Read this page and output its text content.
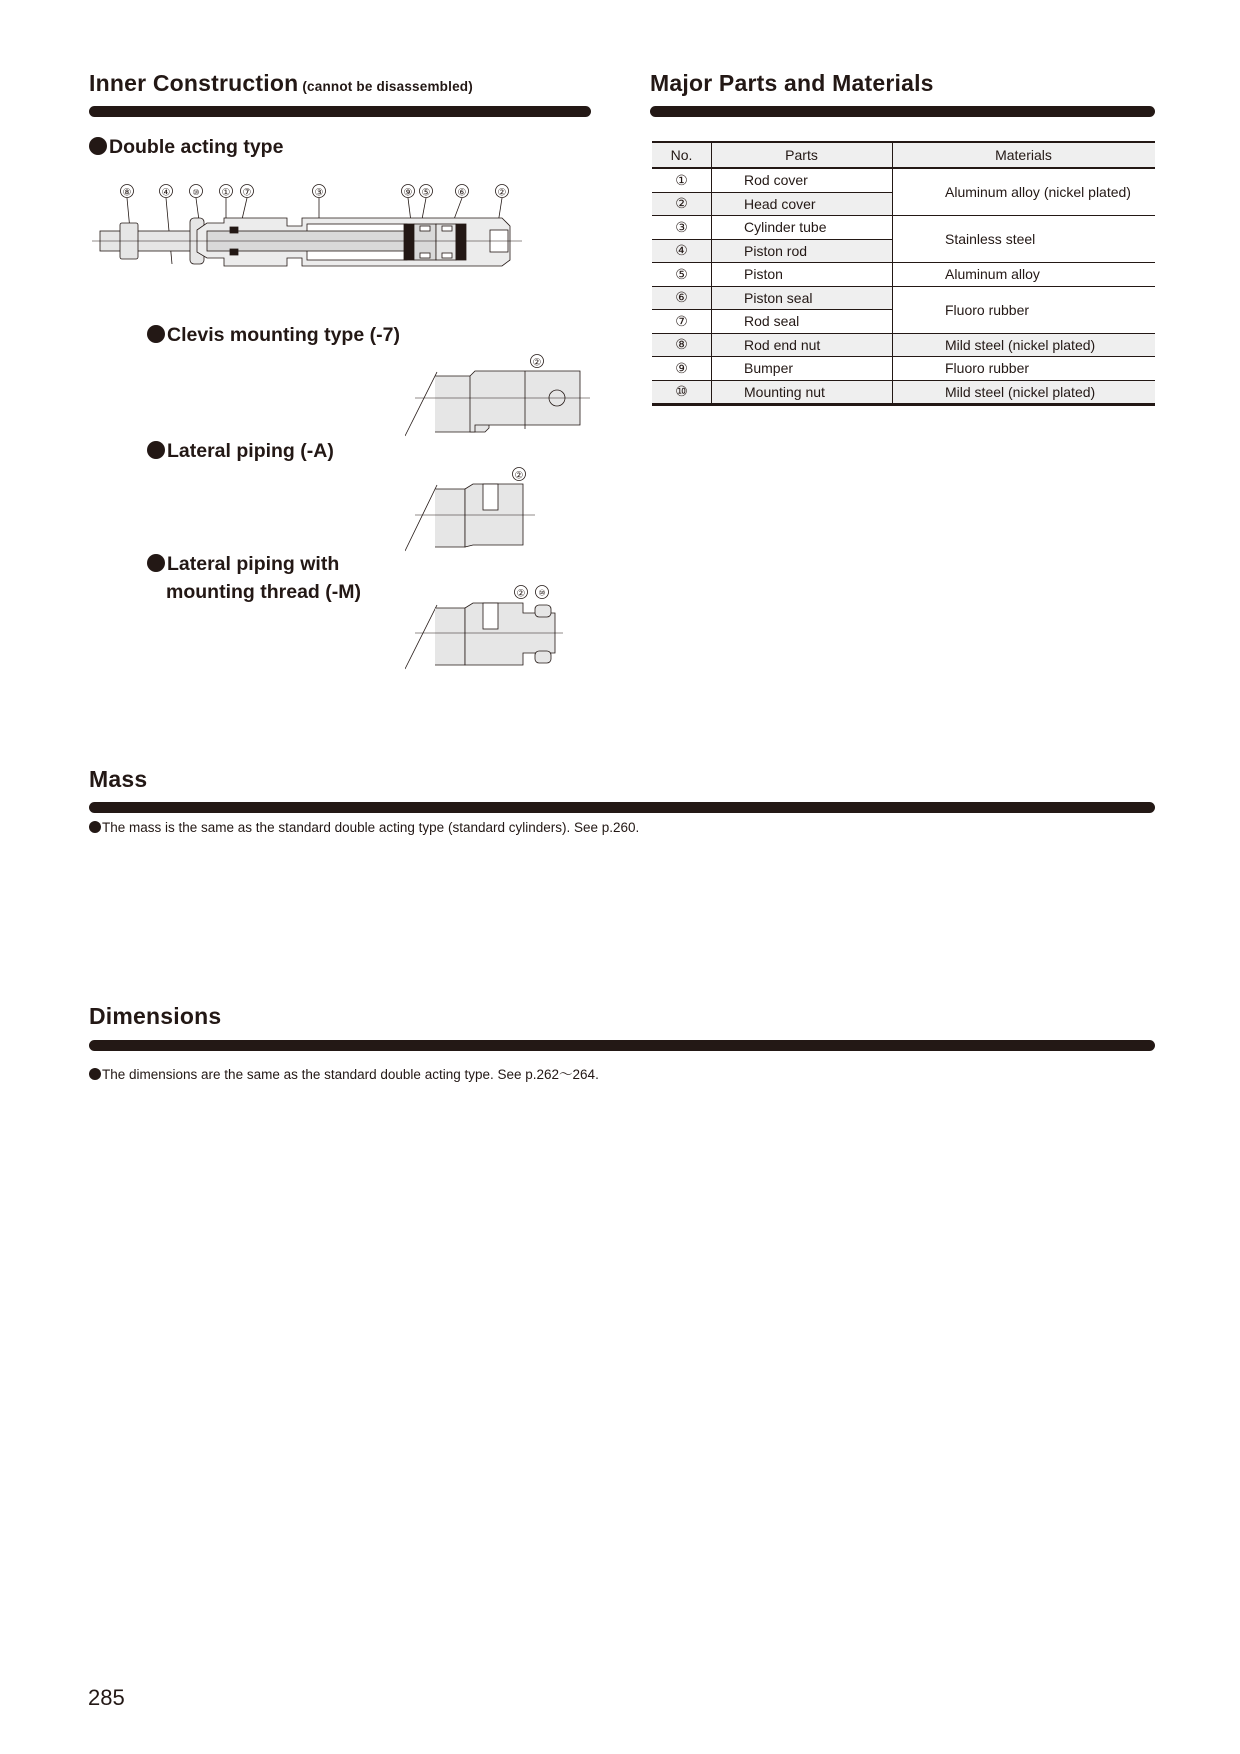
Inner Construction (cannot be disassembled)
Double acting type
⑧	④	⑩ ① ⑦	③	⑨ ⑤	⑥	②
Clevis mounting type (-7)
②
Lateral piping (-A)
②
Lateral piping with
mounting thread (-M)	② ⑩
Major Parts and Materials
No.	Parts	Materials
①	Rod cover	Aluminum alloy (nickel plated)
②	Head cover	
③	Cylinder tube	Stainless steel
④	Piston rod	
⑤	Piston	Aluminum alloy
⑥	Piston seal	Fluoro rubber
⑦	Rod seal	
⑧	Rod end nut	Mild steel (nickel plated)
⑨	Bumper	Fluoro rubber
⑩	Mounting nut	Mild steel (nickel plated)
Mass
The mass is the same as the standard double acting type (standard cylinders). See p.260.
Dimensions
The dimensions are the same as the standard double acting type. See p.262～264.
285
